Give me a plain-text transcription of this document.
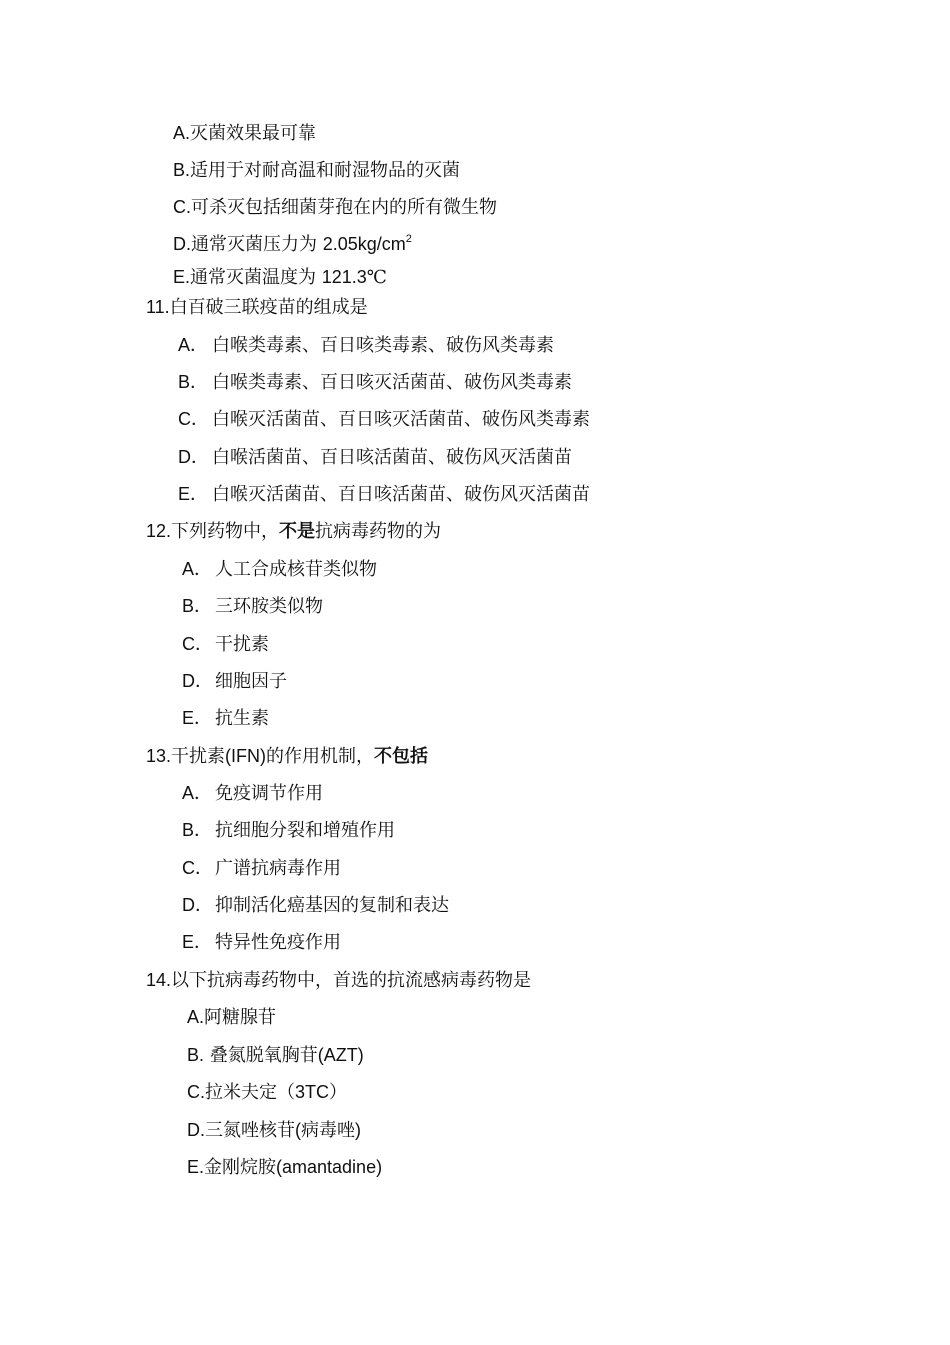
A.灭菌效果最可靠
B.适用于对耐高温和耐湿物品的灭菌
C.可杀灭包括细菌芽孢在内的所有微生物
D.通常灭菌压力为 $2.05kg/cm^2$
E.通常灭菌温度为 121.3℃
11.白百破三联疫苗的组成是
A． 白喉类毒素、百日咳类毒素、破伤风类毒素
B． 白喉类毒素、百日咳灭活菌苗、破伤风类毒素
C． 白喉灭活菌苗、百日咳灭活菌苗、破伤风类毒素
D． 白喉活菌苗、百日咳活菌苗、破伤风灭活菌苗
E． 白喉灭活菌苗、百日咳活菌苗、破伤风灭活菌苗
12.下列药物中，不是抗病毒药物的为
A． 人工合成核苷类似物
B． 三环胺类似物
C． 干扰素
D． 细胞因子
E． 抗生素
13.干扰素(IFN)的作用机制，不包括
A． 免疫调节作用
B． 抗细胞分裂和增殖作用
C． 广谱抗病毒作用
D． 抑制活化癌基因的复制和表达
E． 特异性免疫作用
14.以下抗病毒药物中，首选的抗流感病毒药物是
A.阿糖腺苷
B. 叠氮脱氧胸苷(AZT)
C.拉米夫定（3TC）
D.三氮唑核苷(病毒唑)
E.金刚烷胺(amantadine)
